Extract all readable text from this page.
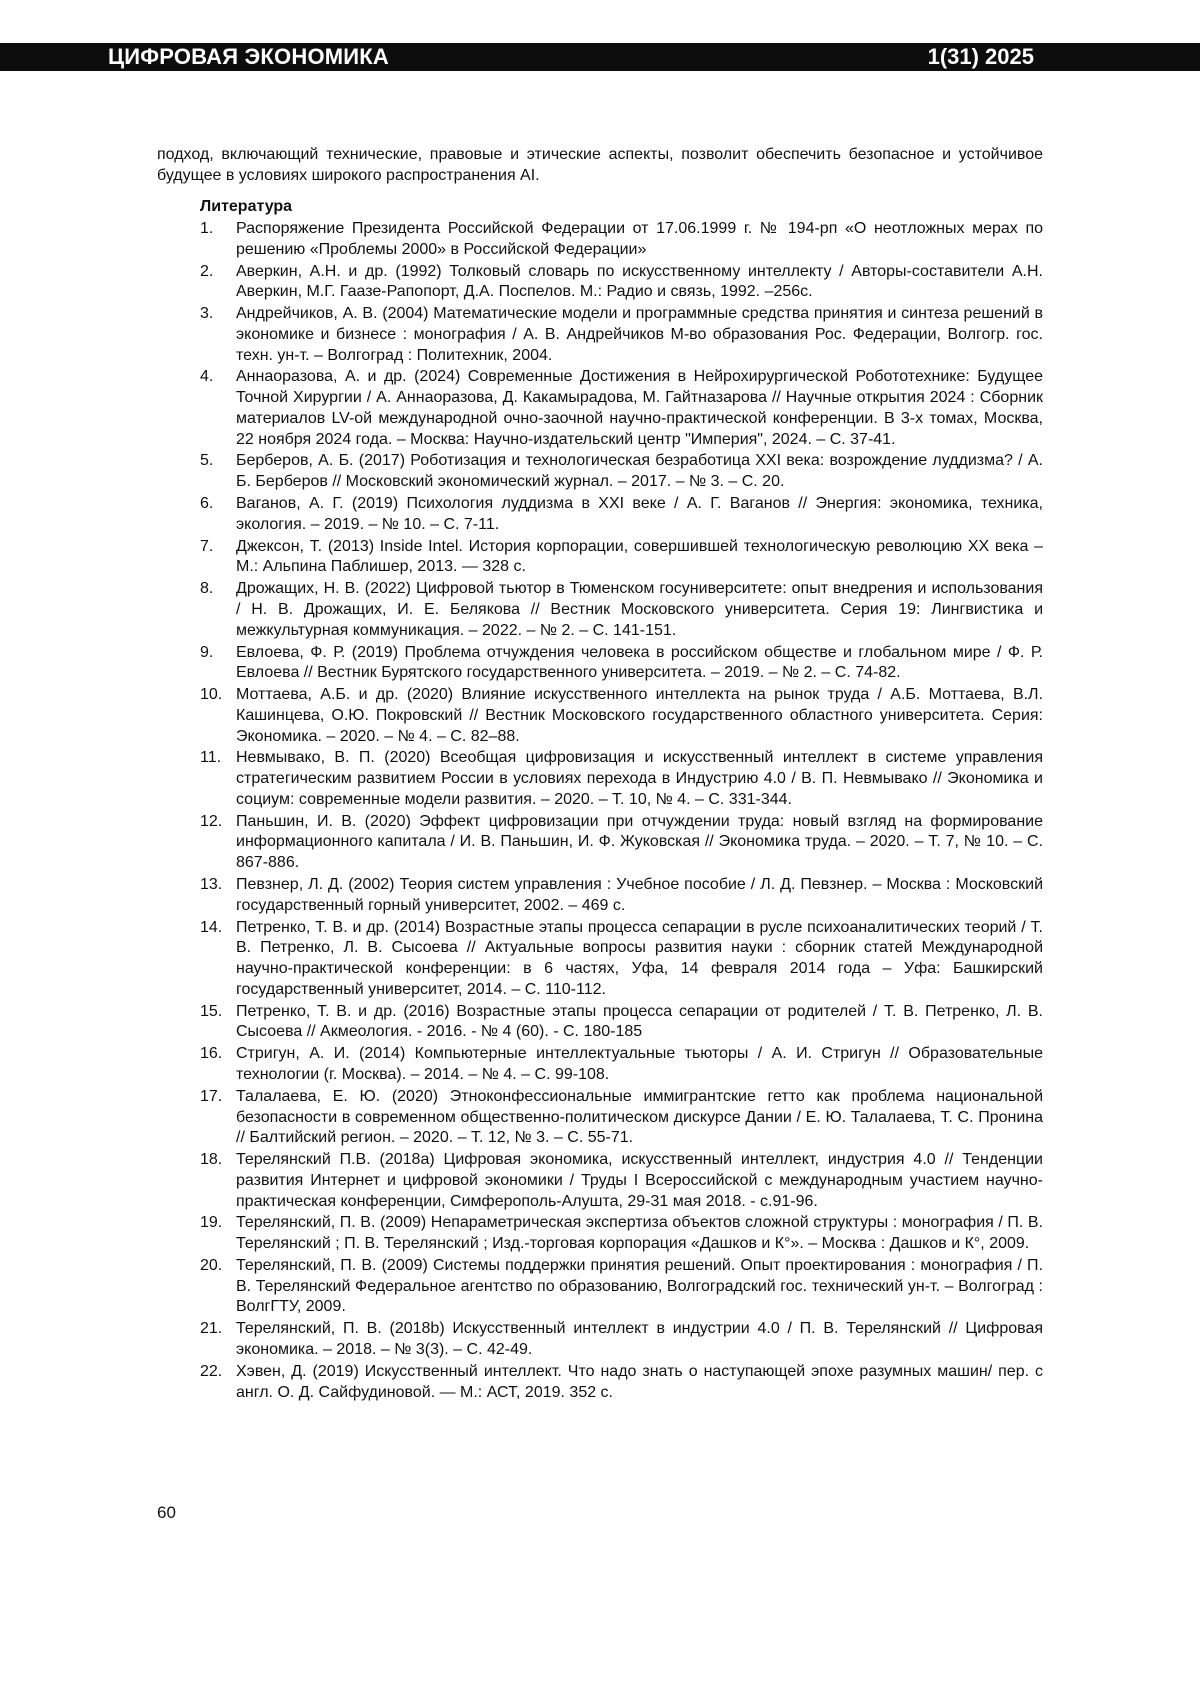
ЦИФРОВАЯ ЭКОНОМИКА	1(31) 2025

подход, включающий технические, правовые и этические аспекты, позволит обеспечить безопасное и устойчивое будущее в условиях широкого распространения AI.

Литература

1.	Распоряжение Президента Российской Федерации от 17.06.1999 г. № 194-рп «О неотложных мерах по решению «Проблемы 2000» в Российской Федерации»
2.	Аверкин, А.Н. и др. (1992) Толковый словарь по искусственному интеллекту / Авторы-составители А.Н. Аверкин, М.Г. Гаазе-Рапопорт, Д.А. Поспелов. М.: Радио и связь, 1992. –256с.
3.	Андрейчиков, А. В. (2004) Математические модели и программные средства принятия и синтеза решений в экономике и бизнесе : монография / А. В. Андрейчиков М-во образования Рос. Федерации, Волгогр. гос. техн. ун-т. – Волгоград : Политехник, 2004.
4.	Аннаоразова, А. и др. (2024) Современные Достижения в Нейрохирургической Робототехнике: Будущее Точной Хирургии / А. Аннаоразова, Д. Какамырадова, М. Гайтназарова // Научные открытия 2024 : Сборник материалов LV-ой международной очно-заочной научно-практической конференции. В 3-х томах, Москва, 22 ноября 2024 года. – Москва: Научно-издательский центр "Империя", 2024. – С. 37-41.
5.	Берберов, А. Б. (2017) Роботизация и технологическая безработица XXI века: возрождение луддизма? / А. Б. Берберов // Московский экономический журнал. – 2017. – № 3. – С. 20.
6.	Ваганов, А. Г. (2019) Психология луддизма в XXI веке / А. Г. Ваганов // Энергия: экономика, техника, экология. – 2019. – № 10. – С. 7-11.
7.	Джексон, Т. (2013) Inside Intel. История корпорации, совершившей технологическую революцию XX века – М.: Альпина Паблишер, 2013. — 328 с.
8.	Дрожащих, Н. В. (2022) Цифровой тьютор в Тюменском госуниверситете: опыт внедрения и использования / Н. В. Дрожащих, И. Е. Белякова // Вестник Московского университета. Серия 19: Лингвистика и межкультурная коммуникация. – 2022. – № 2. – С. 141-151.
9.	Евлоева, Ф. Р. (2019) Проблема отчуждения человека в российском обществе и глобальном мире / Ф. Р. Евлоева // Вестник Бурятского государственного университета. – 2019. – № 2. – С. 74-82.
10. Моттаева, А.Б. и др. (2020) Влияние искусственного интеллекта на рынок труда / А.Б. Моттаева, В.Л. Кашинцева, О.Ю. Покровский // Вестник Московского государственного областного университета. Серия: Экономика. – 2020. – № 4. – С. 82–88.
11. Невмывако, В. П. (2020) Всеобщая цифровизация и искусственный интеллект в системе управления стратегическим развитием России в условиях перехода в Индустрию 4.0 / В. П. Невмывако // Экономика и социум: современные модели развития. – 2020. – Т. 10, № 4. – С. 331-344.
12. Паньшин, И. В. (2020) Эффект цифровизации при отчуждении труда: новый взгляд на формирование информационного капитала / И. В. Паньшин, И. Ф. Жуковская // Экономика труда. – 2020. – Т. 7, № 10. – С. 867-886.
13. Певзнер, Л. Д. (2002) Теория систем управления : Учебное пособие / Л. Д. Певзнер. – Москва : Московский государственный горный университет, 2002. – 469 с.
14. Петренко, Т. В. и др. (2014) Возрастные этапы процесса сепарации в русле психоаналитических теорий / Т. В. Петренко, Л. В. Сысоева // Актуальные вопросы развития науки : сборник статей Международной научно-практической конференции: в 6 частях, Уфа, 14 февраля 2014 года – Уфа: Башкирский государственный университет, 2014. – С. 110-112.
15. Петренко, Т. В. и др. (2016) Возрастные этапы процесса сепарации от родителей / Т. В. Петренко, Л. В. Сысоева // Акмеология. - 2016. - № 4 (60). - С. 180-185
16. Стригун, А. И. (2014) Компьютерные интеллектуальные тьюторы / А. И. Стригун // Образовательные технологии (г. Москва). – 2014. – № 4. – С. 99-108.
17. Талалаева, Е. Ю. (2020) Этноконфессиональные иммигрантские гетто как проблема национальной безопасности в современном общественно-политическом дискурсе Дании / Е. Ю. Талалаева, Т. С. Пронина // Балтийский регион. – 2020. – Т. 12, № 3. – С. 55-71.
18. Терелянский П.В. (2018а) Цифровая экономика, искусственный интеллект, индустрия 4.0 // Тенденции развития Интернет и цифровой экономики / Труды I Всероссийской с международным участием научно-практическая конференции, Симферополь-Алушта, 29-31 мая 2018. - с.91-96.
19. Терелянский, П. В. (2009) Непараметрическая экспертиза объектов сложной структуры : монография / П. В. Терелянский ; П. В. Терелянский ; Изд.-торговая корпорация «Дашков и К°». – Москва : Дашков и К°, 2009.
20. Терелянский, П. В. (2009) Системы поддержки принятия решений. Опыт проектирования : монография / П. В. Терелянский Федеральное агентство по образованию, Волгоградский гос. технический ун-т. – Волгоград : ВолгГТУ, 2009.
21. Терелянский, П. В. (2018b) Искусственный интеллект в индустрии 4.0 / П. В. Терелянский // Цифровая экономика. – 2018. – № 3(3). – С. 42-49.
22. Хэвен, Д. (2019) Искусственный интеллект. Что надо знать о наступающей эпохе разумных машин/ пер. с англ. О. Д. Сайфудиновой. — М.: АСТ, 2019. 352 с.
60
